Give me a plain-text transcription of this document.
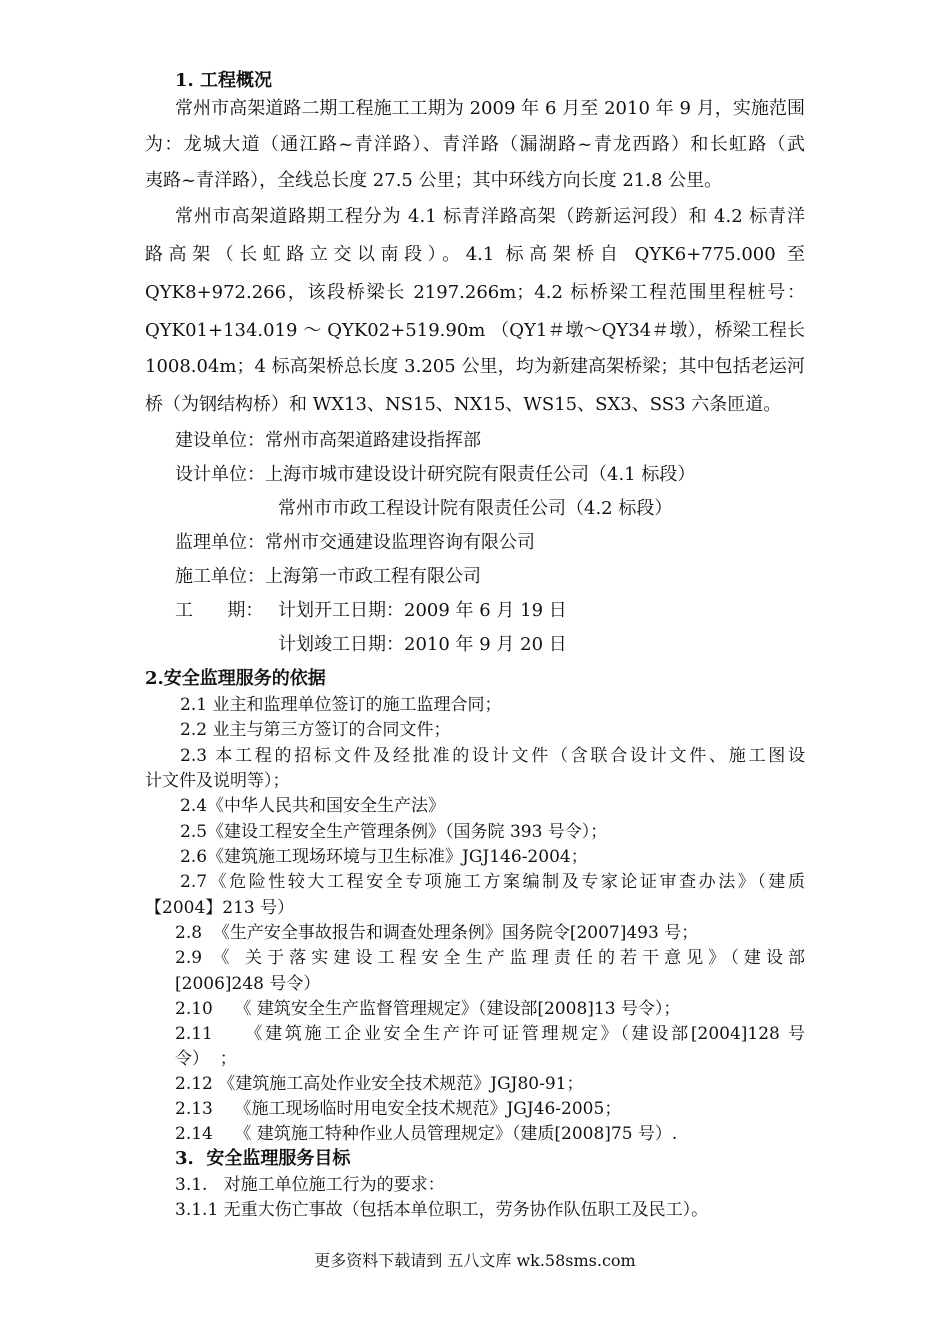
1. 工程概况
常州市高架道路二期工程施工工期为 2009 年 6 月至 2010 年 9 月，实施范围
为：龙城大道（通江路~青洋路）、青洋路（漏湖路~青龙西路）和长虹路（武
夷路~青洋路），全线总长度 27.5 公里；其中环线方向长度 21.8 公里。
常州市高架道路期工程分为 4.1 标青洋路高架（跨新运河段）和 4.2 标青洋
路高架（长虹路立交以南段）。4.1 标高架桥自 QYK6+775.000 至
QYK8+972.266，该段桥梁长 2197.266m；4.2 标桥梁工程范围里程桩号：
QYK01+134.019 ～ QYK02+519.90m （QY1＃墩～QY34＃墩），桥梁工程长
1008.04m；4 标高架桥总长度 3.205 公里，均为新建高架桥梁；其中包括老运河
桥（为钢结构桥）和 WX13、NS15、NX15、WS15、SX3、SS3 六条匝道。
建设单位：常州市高架道路建设指挥部
设计单位：上海市城市建设设计研究院有限责任公司（4.1 标段）
常州市市政工程设计院有限责任公司（4.2 标段）
监理单位：常州市交通建设监理咨询有限公司
施工单位：上海第一市政工程有限公司
工      期： 计划开工日期：2009 年 6 月 19 日
计划竣工日期：2010 年 9 月 20 日
2.安全监理服务的依据
2.1 业主和监理单位签订的施工监理合同；
2.2 业主与第三方签订的合同文件；
2.3 本工程的招标文件及经批准的设计文件（含联合设计文件、施工图设
计文件及说明等）；
2.4《中华人民共和国安全生产法》
2.5《建设工程安全生产管理条例》（国务院 393 号令）；
2.6《建筑施工现场环境与卫生标准》JGJ146-2004；
2.7《危险性较大工程安全专项施工方案编制及专家论证审查办法》（建质
【2004】213 号）
2.8  《生产安全事故报告和调查处理条例》国务院令[2007]493 号；
2.9 《 关于落实建设工程安全生产监理责任的若干意见》（建设部
[2006]248 号令）
2.10    《 建筑安全生产监督管理规定》（建设部[2008]13 号令）；
2.11    《建筑施工企业安全生产许可证管理规定》（建设部[2004]128 号
令）  ；
2.12 《建筑施工高处作业安全技术规范》JGJ80-91；
2.13    《施工现场临时用电安全技术规范》JGJ46-2005；
2.14    《 建筑施工特种作业人员管理规定》（建质[2008]75 号）.
3.  安全监理服务目标
3.1.   对施工单位施工行为的要求：
3.1.1 无重大伤亡事故（包括本单位职工，劳务协作队伍职工及民工）。
更多资料下载请到 五八文库 wk.58sms.com
